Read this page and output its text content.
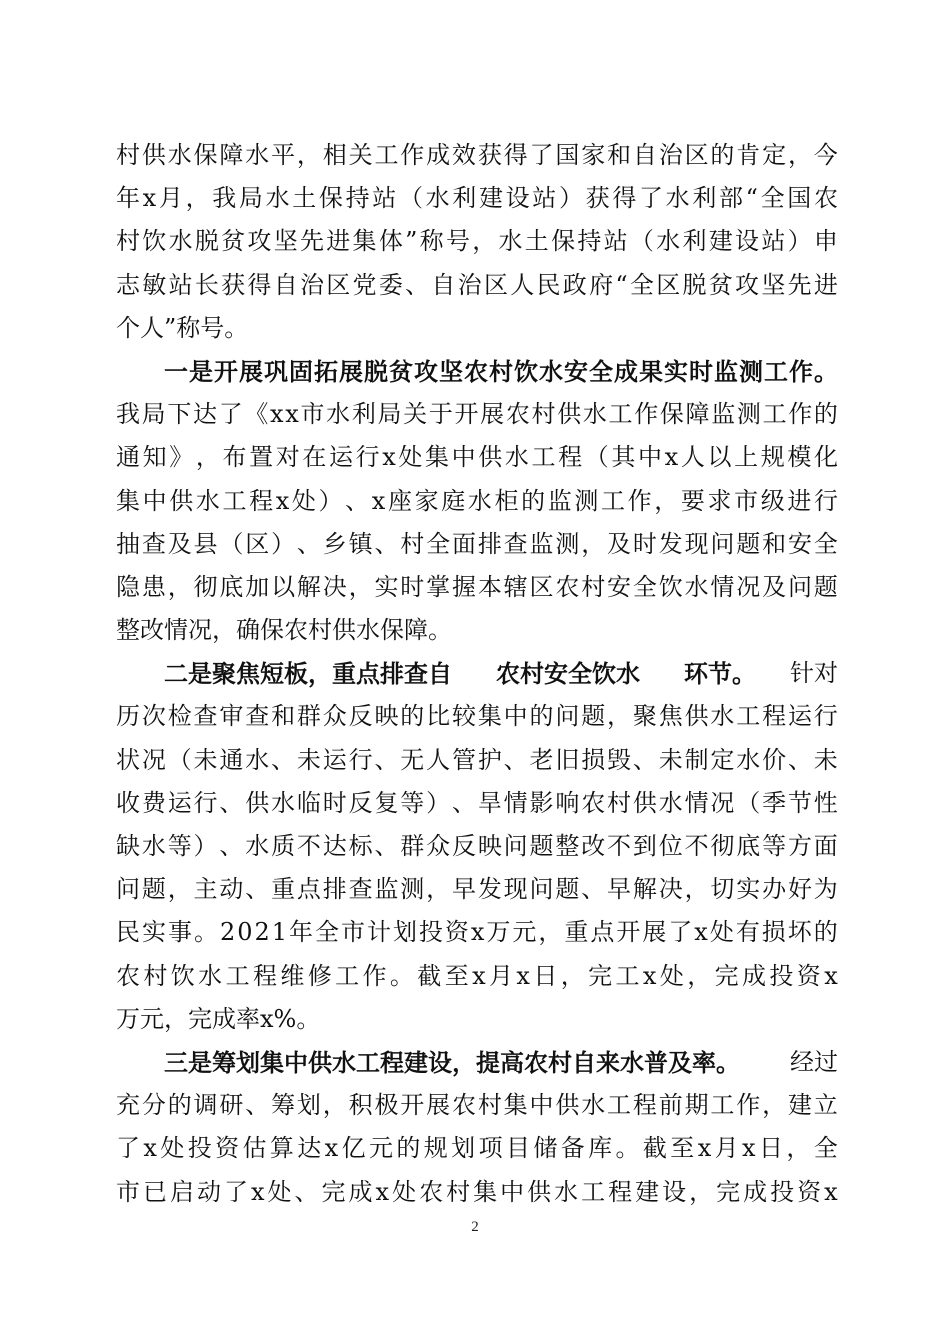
村 供 水 保 障 水 平 ， 相 关 工 作 成 效 获 得 了 国 家 和 自 治 区 的 肯 定 ， 今
年 x 月 ， 我 局 水 土 保 持 站 （ 水 利 建 设 站 ） 获 得 了 水 利 部 “ 全 国 农
村 饮 水 脱 贫 攻 坚 先 进 集 体 ” 称 号 ， 水 土 保 持 站 （ 水 利 建 设 站 ） 申
志 敏 站 长 获 得 自 治 区 党 委 、 自 治 区 人 民 政 府 “ 全 区 脱 贫 攻 坚 先 进
个人”称号。
一 是 开 展 巩 固 拓 展 脱 贫 攻 坚 农 村 饮 水 安 全 成 果 实 时 监 测 工 作 。
我 局 下 达 了 《 x x 市 水 利 局 关 于 开 展 农 村 供 水 工 作 保 障 监 测 工 作 的
通 知 》 ， 布 置 对 在 运 行 x 处 集 中 供 水 工 程 （ 其 中 x 人 以 上 规 模 化
集 中 供 水 工 程 x 处 ） 、 x 座 家 庭 水 柜 的 监 测 工 作 ， 要 求 市 级 进 行
抽 查 及 县 （ 区 ） 、 乡 镇 、 村 全 面 排 查 监 测 ， 及 时 发 现 问 题 和 安 全
隐 患 ， 彻 底 加 以 解 决 ， 实 时 掌 握 本 辖 区 农 村 安 全 饮 水 情 况 及 问 题
整改情况，确保农村供水保障。
二是聚焦短板，重点排查自 农村安全饮水 环节。 针对
历 次 检 查 审 查 和 群 众 反 映 的 比 较 集 中 的 问 题 ， 聚 焦 供 水 工 程 运 行
状 况 （ 未 通 水 、 未 运 行 、 无 人 管 护 、 老 旧 损 毁 、 未 制 定 水 价 、 未
收 费 运 行 、 供 水 临 时 反 复 等 ） 、 旱 情 影 响 农 村 供 水 情 况 （ 季 节 性
缺 水 等 ） 、 水 质 不 达 标 、 群 众 反 映 问 题 整 改 不 到 位 不 彻 底 等 方 面
问 题 ， 主 动 、 重 点 排 查 监 测 ， 早 发 现 问 题 、 早 解 决 ， 切 实 办 好 为
民 实 事 。 2 0 2 1 年 全 市 计 划 投 资 x 万 元 ， 重 点 开 展 了 x 处 有 损 坏 的
农 村 饮 水 工 程 维 修 工 作 。 截 至 x 月 x 日 ， 完 工 x 处 ， 完 成 投 资 x
万元，完成率x%。
三是筹划集中供水工程建设，提高农村自来水普及率。 经过
充 分 的 调 研 、 筹 划 ， 积 极 开 展 农 村 集 中 供 水 工 程 前 期 工 作 ， 建 立
了 x 处 投 资 估 算 达 x 亿 元 的 规 划 项 目 储 备 库 。 截 至 x 月 x 日 ， 全
市 已 启 动 了 x 处 、 完 成 x 处 农 村 集 中 供 水 工 程 建 设 ， 完 成 投 资 x
2
